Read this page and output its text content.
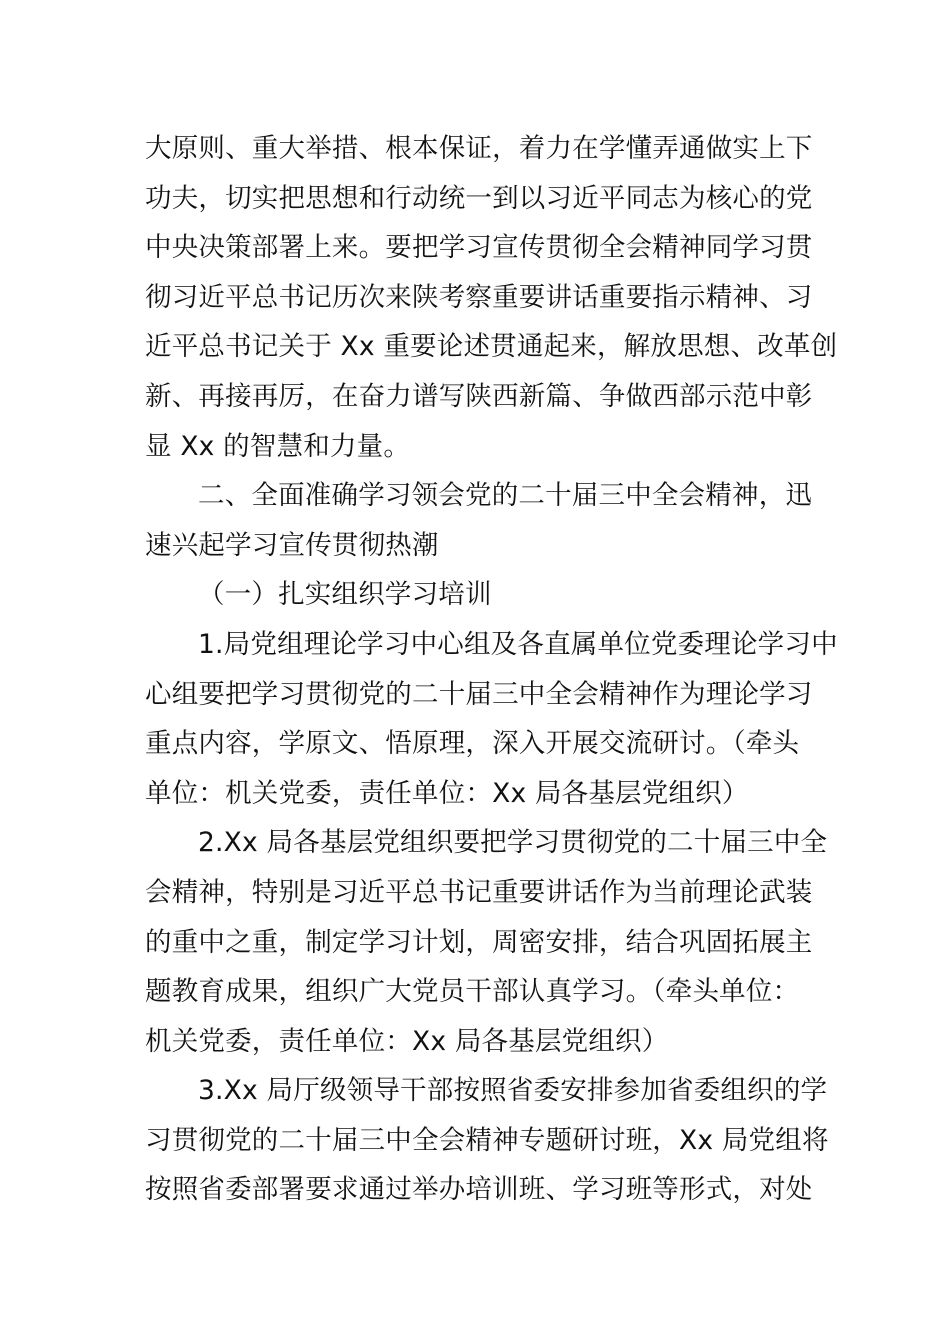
大原则、重大举措、根本保证，着力在学懂弄通做实上下
功夫，切实把思想和行动统一到以习近平同志为核心的党
中央决策部署上来。要把学习宣传贯彻全会精神同学习贯
彻习近平总书记历次来陕考察重要讲话重要指示精神、习
近平总书记关于 Xx 重要论述贯通起来，解放思想、改革创
新、再接再厉，在奋力谱写陕西新篇、争做西部示范中彰
显 Xx 的智慧和力量。

二、全面准确学习领会党的二十届三中全会精神，迅
速兴起学习宣传贯彻热潮

（一）扎实组织学习培训

1.局党组理论学习中心组及各直属单位党委理论学习中
心组要把学习贯彻党的二十届三中全会精神作为理论学习
重点内容，学原文、悟原理，深入开展交流研讨。（牵头
单位：机关党委，责任单位：Xx 局各基层党组织）

2.Xx 局各基层党组织要把学习贯彻党的二十届三中全
会精神，特别是习近平总书记重要讲话作为当前理论武装
的重中之重，制定学习计划，周密安排，结合巩固拓展主
题教育成果，组织广大党员干部认真学习。（牵头单位：
机关党委，责任单位：Xx 局各基层党组织）

3.Xx 局厅级领导干部按照省委安排参加省委组织的学
习贯彻党的二十届三中全会精神专题研讨班，Xx 局党组将
按照省委部署要求通过举办培训班、学习班等形式，对处
